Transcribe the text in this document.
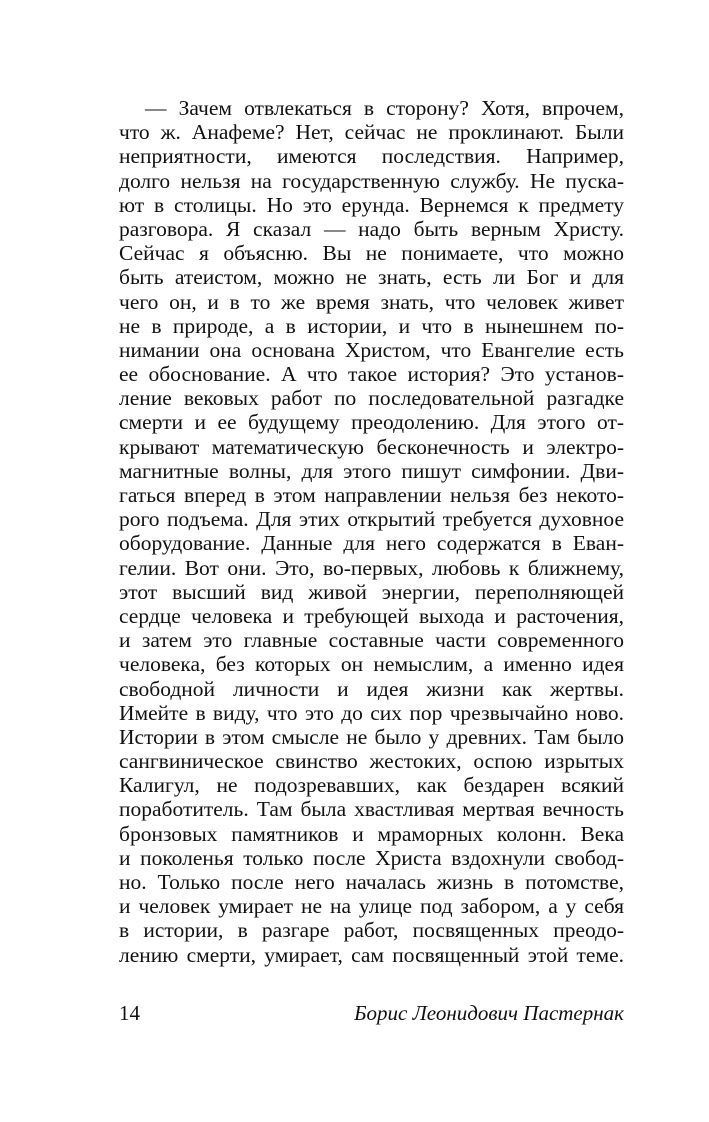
— Зачем отвлекаться в сторону? Хотя, впрочем,
что ж. Анафеме? Нет, сейчас не проклинают. Были
неприятности, имеются последствия. Например,
долго нельзя на государственную службу. Не пуска-
ют в столицы. Но это ерунда. Вернемся к предмету
разговора. Я сказал — надо быть верным Христу.
Сейчас я объясню. Вы не понимаете, что можно
быть атеистом, можно не знать, есть ли Бог и для
чего он, и в то же время знать, что человек живет
не в природе, а в истории, и что в нынешнем по-
нимании она основана Христом, что Евангелие есть
ее обоснование. А что такое история? Это установ-
ление вековых работ по последовательной разгадке
смерти и ее будущему преодолению. Для этого от-
крывают математическую бесконечность и электро-
магнитные волны, для этого пишут симфонии. Дви-
гаться вперед в этом направлении нельзя без некото-
рого подъема. Для этих открытий требуется духовное
оборудование. Данные для него содержатся в Еван-
гелии. Вот они. Это, во-первых, любовь к ближнему,
этот высший вид живой энергии, переполняющей
сердце человека и требующей выхода и расточения,
и затем это главные составные части современного
человека, без которых он немыслим, а именно идея
свободной личности и идея жизни как жертвы.
Имейте в виду, что это до сих пор чрезвычайно ново.
Истории в этом смысле не было у древних. Там было
сангвиническое свинство жестоких, оспою изрытых
Калигул, не подозревавших, как бездарен всякий
поработитель. Там была хвастливая мертвая вечность
бронзовых памятников и мраморных колонн. Века
и поколенья только после Христа вздохнули свобод-
но. Только после него началась жизнь в потомстве,
и человек умирает не на улице под забором, а у себя
в истории, в разгаре работ, посвященных преодо-
лению смерти, умирает, сам посвященный этой теме.
14	Борис Леонидович Пастернак
